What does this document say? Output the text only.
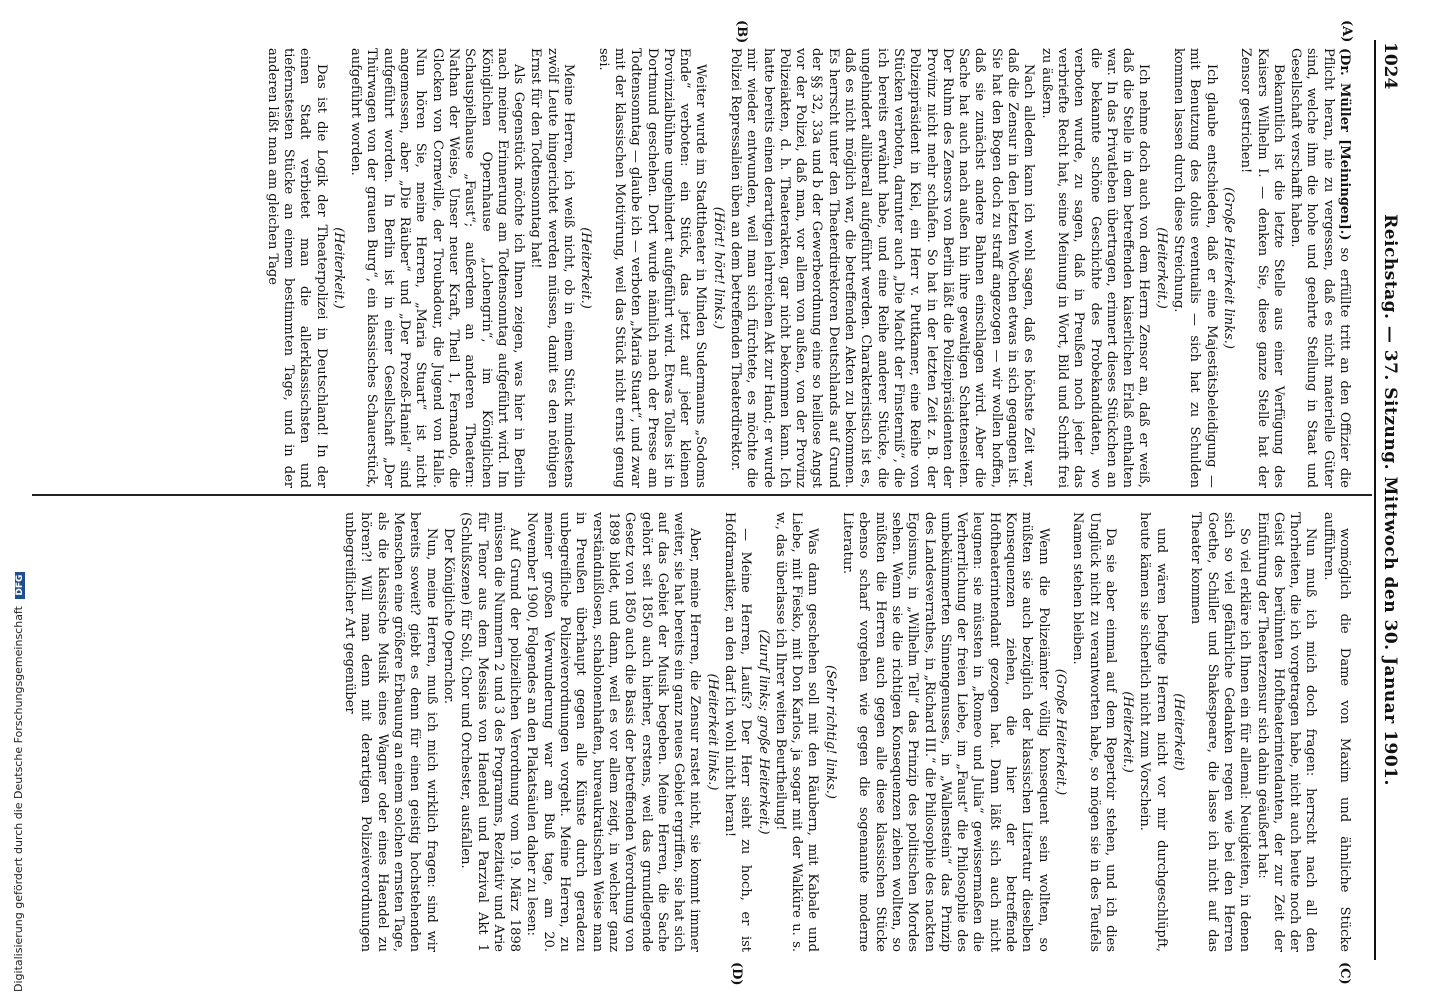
1024
Reichstag. — 37. Sitzung. Mittwoch den 30. Januar 1901.
(A)
(B)
(C)
(D)

(Dr. Müller [Meiningen].) so erfüllte tritt an den Offizier die Pflicht heran, nie zu vergessen, daß es nicht materielle Güter sind, welche ihm die hohe und geehrte Stellung in Staat und Gesellschaft verschafft haben.

Bekanntlich ist die letzte Stelle aus einer Verfügung des Kaisers Wilhelm I. — denken Sie, diese ganze Stelle hat der Zensor gestrichen!

(Große Heiterkeit links.)

Ich glaube entschieden, daß er eine Majestätsbeleidigung — mit Benutzung des dolus eventualis — sich hat zu Schulden kommen lassen durch diese Streichung.

(Heiterkeit.)

Ich nehme doch auch von dem Herrn Zensor an, daß er weiß, daß die Stelle in dem betreffenden kaiserlichen Erlaß enthalten war. In das Privatleben übertragen, erinnert dieses Stückchen an die bekannte schöne Geschichte des Probekandidaten, wo verboten wurde, zu sagen, daß in Preußen noch jeder das verbriefte Recht hat, seine Meinung in Wort, Bild und Schrift frei zu äußern.

Nach alledem kann ich wohl sagen, daß es höchste Zeit war, daß die Zensur in den letzten Wochen etwas in sich gegangen ist. Sie hat den Bogen doch zu straff angezogen — wir wollen hoffen, daß sie zunächst andere Bahnen einschlagen wird. Aber die Sache hat auch nach außen hin ihre gewaltigen Schattenseiten. Der Ruhm des Zensors von Berlin läßt die Polizeipräsidenten der Provinz nicht mehr schlafen. So hat in der letzten Zeit z. B. der Polizeipräsident in Kiel, ein Herr v. Puttkamer, eine Reihe von Stücken verboten, darunter auch „Die Macht der Finsterniß“, die ich bereits erwähnt habe, und eine Reihe anderer Stücke, die ungehindert allüberall aufgeführt werden. Charakteristisch ist es, daß es nicht möglich war, die betreffenden Akten zu bekommen. Es herrscht unter den Theaterdirektoren Deutschlands auf Grund der §§ 32, 33a und b der Gewerbeordnung eine so heillose Angst vor der Polizei, daß man, vor allem von außen, von der Provinz Polizeiakten, d. h. Theaterakten, gar nicht bekommen kann. Ich hatte bereits einen derartigen lehrreichen Akt zur Hand; er wurde mir wieder entwunden, weil man sich fürchtete, es möchte die Polizei Repressalien üben an dem betreffenden Theaterdirektor.

(Hört! hört! links.)

Weiter wurde im Stadttheater in Minden Sudermanns „Sodoms Ende“ verboten: ein Stück, das jetzt auf jeder kleinen Provinzialbühne ungehindert aufgeführt wird. Etwas Tolles ist in Dortmund geschehen. Dort wurde nämlich nach der Presse am Todtensonntag — glaube ich — verboten „Maria Stuart“, und zwar mit der klassischen Motivirung, weil das Stück nicht ernst genug sei.

(Heiterkeit.)

Meine Herren, ich weiß nicht, ob in einem Stück mindestens zwölf Leute hingerichtet werden müssen, damit es den nöthigen Ernst für den Todtensonntag hat!

Als Gegenstück möchte ich Ihnen zeigen, was hier in Berlin nach meiner Erinnerung am Todtensonntag aufgeführt wird. Im Königlichen Opernhause „Lohengrin“, im Königlichen Schauspielhause „Faust“; außerdem an anderen Theatern: Nathan der Weise, Unser neuer Kraft, Theil 1, Fernando, die Glocken von Corneville, der Troubadour, die Jugend von Halle. Nun hören Sie, meine Herren, „Maria Stuart“ ist nicht angemessen, aber „Die Räuber“ und „Der Prozeß-Haniel“ sind aufgeführt worden. In Berlin ist in einer Gesellschaft „Der Thürwagen von der grauen Burg“, ein klassisches Schauerstück, aufgeführt worden.

(Heiterkeit.)

Das ist die Logik der Theaterpolizei in Deutschland! In der einen Stadt verbietet man die allerklassischsten und tiefernstesten Stücke an einem bestimmten Tage, und in der anderen läßt man am gleichen Tage

womöglich die Dame von Maxim und ähnliche Stücke aufführen.

Nun muß ich mich doch fragen: herrscht nach all den Thorheiten, die ich vorgetragen habe, nicht auch heute noch der Geist des berühmten Hoftheaterintendanten, der zur Zeit der Einführung der Theaterzensur sich dahin geäußert hat:

So viel erkläre ich Ihnen ein für allemal: Neuigkeiten, in denen sich so viel gefährliche Gedanken regen wie bei den Herren Goethe, Schiller und Shakespeare, die lasse ich nicht auf das Theater kommen

(Heiterkeit)

und wären befugte Herren nicht vor mir durchgeschlüpft, heute kämen sie sicherlich nicht zum Vorschein.

(Heiterkeit.)

Da sie aber einmal auf dem Repertoir stehen, und ich dies Unglück nicht zu verantworten habe, so mögen sie in des Teufels Namen stehen bleiben.

(Große Heiterkeit.)

Wenn die Polizeiämter völlig konsequent sein wollten, so müßten sie auch bezüglich der klassischen Literatur dieselben Konsequenzen ziehen, die hier der betreffende Hoftheaterintendant gezogen hat. Dann läßt sich auch nicht leugnen: sie müssten in „Romeo und Julia“ gewissermaßen die Verherrlichung der freien Liebe, im „Faust“ die Philosophie des umbekümmerten Sinnengenusses, in „Wallenstein“ das Prinzip des Landesverrathes, in „Richard III.“ die Philosophie des nackten Egoismus, in „Wilhelm Tell“ das Prinzip des politischen Mordes sehen. Wenn sie die richtigen Konsequenzen ziehen wollten, so müßten die Herren auch gegen alle diese klassischen Stücke ebenso scharf vorgehen wie gegen die sogenannte moderne Literatur.

(Sehr richtig! links.)

Was dann geschehen soll mit den Räubern, mit Kabale und Liebe, mit Fiesko, mit Don Karlos, ja sogar mit der Walküre u. s. w., das überlasse ich Ihrer weiten Beurtheilung!

(Zuruf links; große Heiterkeit.)

— Meine Herren, Laufs? Der Herr sieht zu hoch, er ist Hofdramatiker, an den darf ich wohl nicht heran!

(Heiterkeit links.)

Aber, meine Herren, die Zensur rastet nicht, sie kommt immer weiter, sie hat bereits ein ganz neues Gebiet ergriffen, sie hat sich auf das Gebiet der Musik begeben. Meine Herren, die Sache gehört seit 1850 auch hierher, erstens, weil das grundlegende Gesetz von 1850 auch die Basis der betreffenden Verordnung von 1898 bildet, und dann, weil es vor allem zeigt, in welcher ganz verständnißlosen, schablonenhaften, bureaukratischen Weise man in Preußen überhaupt gegen alle Künste durch geradezu unbegreifliche Polizeiverordnungen vorgeht. Meine Herren, zu meiner großen Verwunderung war am Buß tage, am 20. November 1900, Folgendes an den Plakatsäulen daher zu lesen:

Auf Grund der polizeilichen Verordnung vom 19. März 1898 müssen die Nummern 2 und 3 des Programms, Rezitativ und Arie für Tenor aus dem Messias von Haendel und Parzival Akt 1 (Schlußszene) für Soli, Chor und Orchester, ausfallen.

Der Königliche Opernchor.

Nun, meine Herren, muß ich mich wirklich fragen: sind wir bereits soweit? giebt es denn für einen geistig hochstehenden Menschen eine größere Erbauung an einem solchen ernsten Tage, als die klassische Musik eines Wagner oder eines Haendel zu hören?! Will man denn mit derartigen Polizeiverordnungen unbegreiflicher Art gegenüber

Digitalisierung gefördert durch die Deutsche Forschungsgemeinschaft DFG
